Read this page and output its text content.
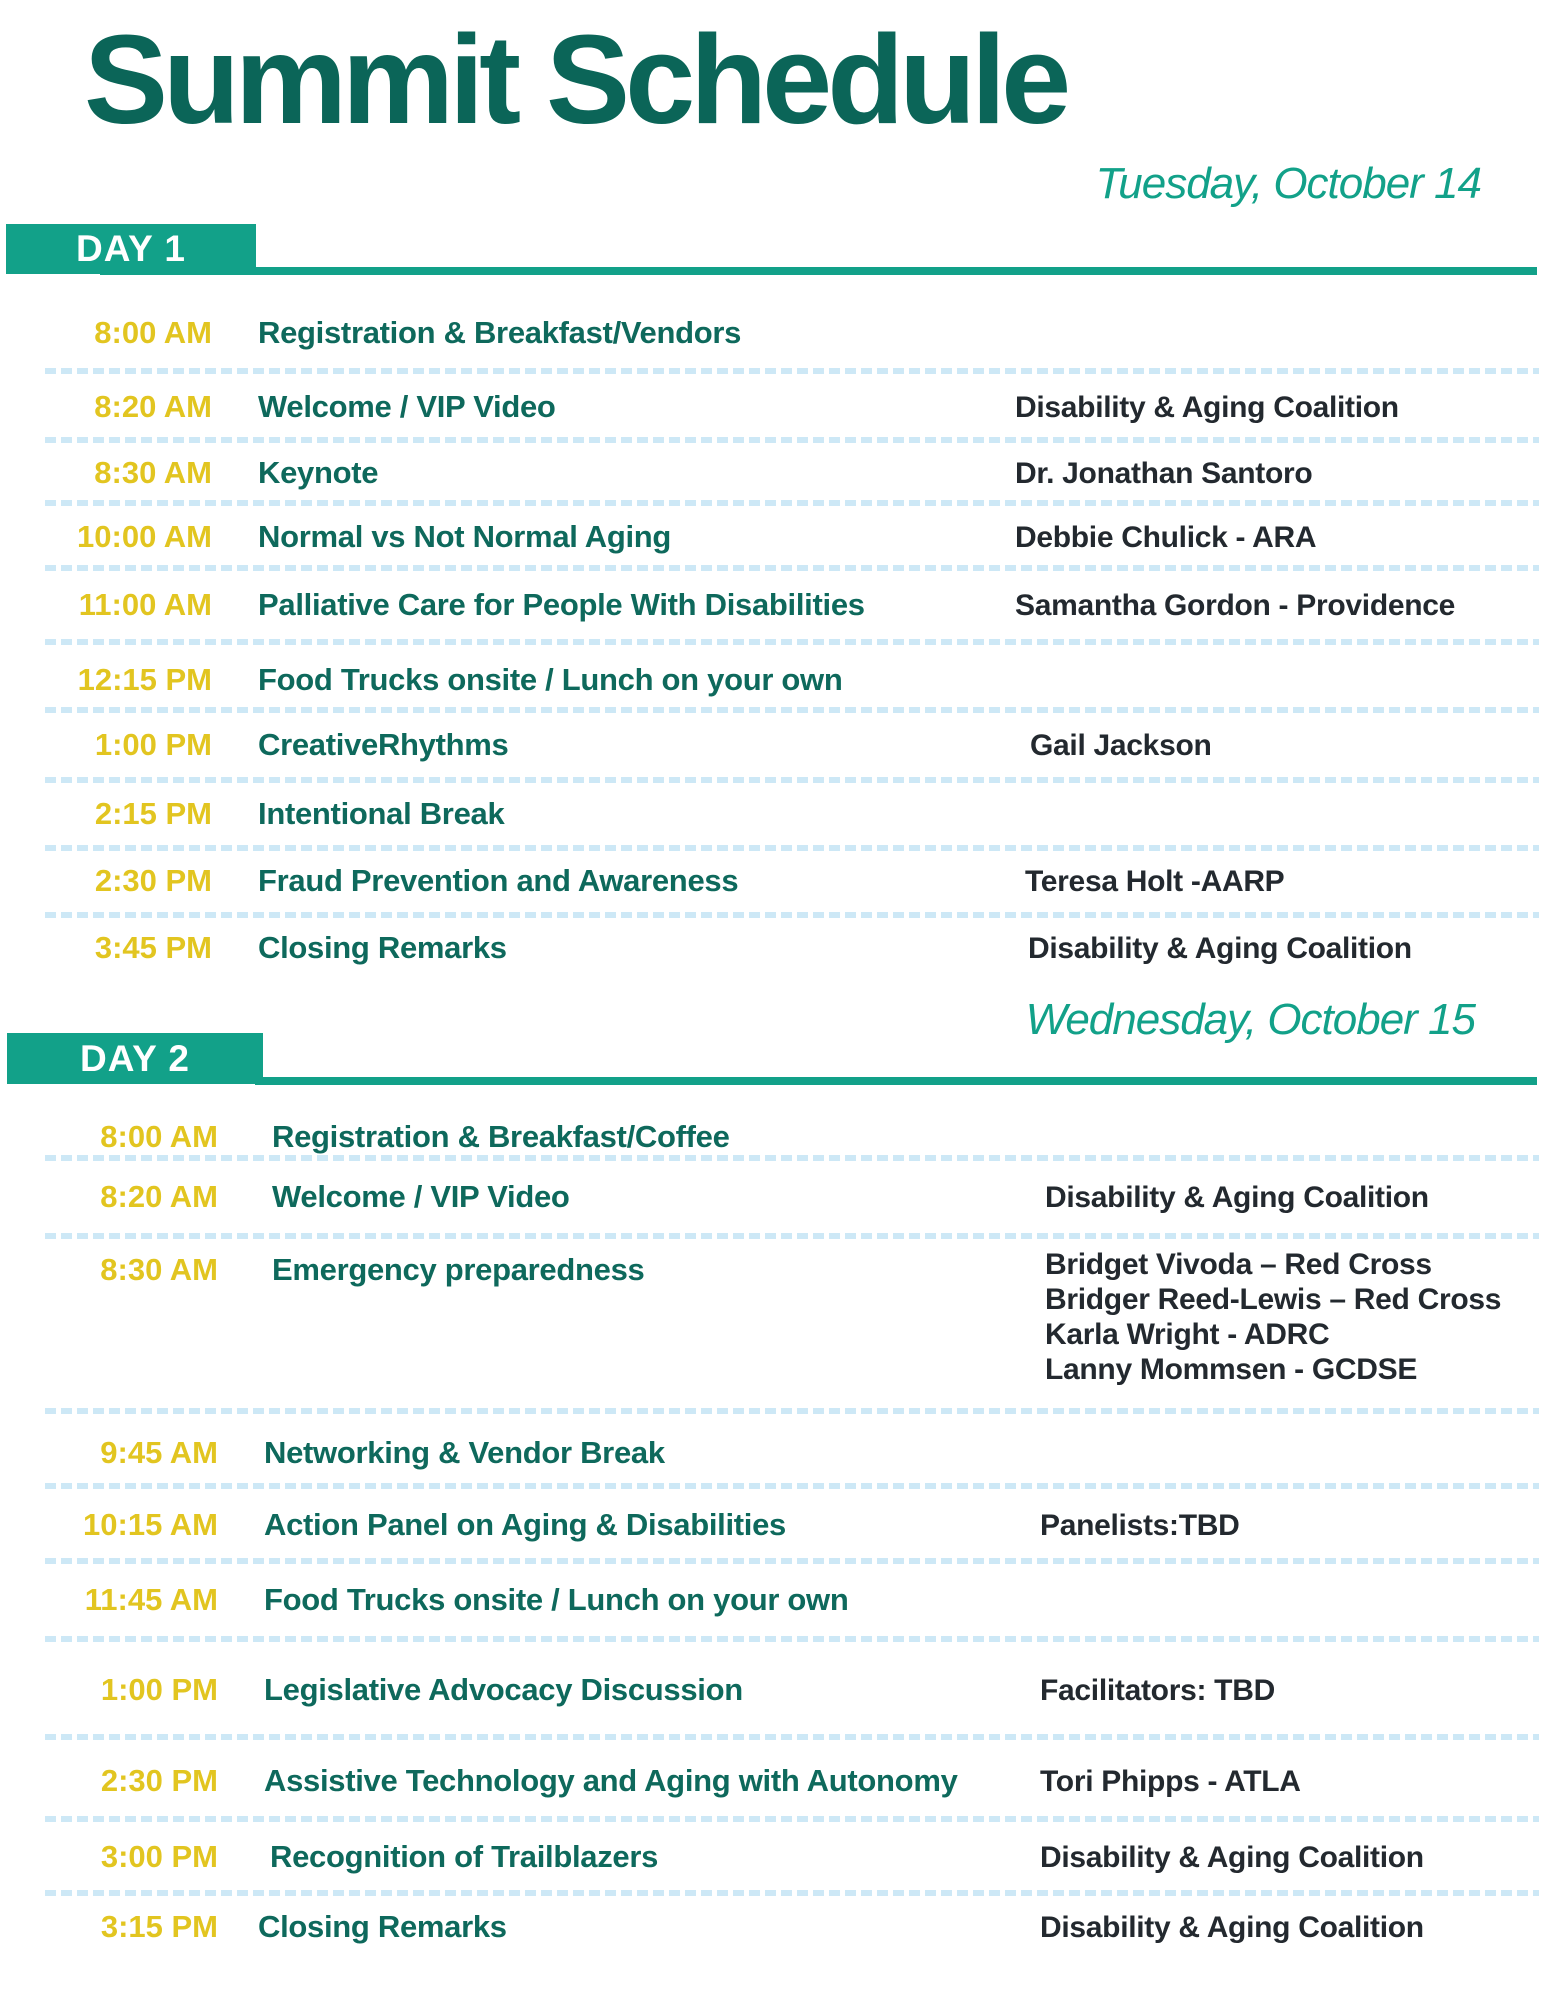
Summit Schedule
Tuesday, October 14
DAY 1
8:00 AM Registration & Breakfast/Vendors
8:20 AM Welcome / VIP Video	Disability & Aging Coalition
8:30 AM Keynote	Dr. Jonathan Santoro
10:00 AM Normal vs Not Normal Aging	Debbie Chulick - ARA
11:00 AM Palliative Care for People With Disabilities	Samantha Gordon - Providence
12:15 PM Food Trucks onsite / Lunch on your own
1:00 PM CreativeRhythms	Gail Jackson
2:15 PM Intentional Break
2:30 PM Fraud Prevention and Awareness	Teresa Holt -AARP
3:45 PM Closing Remarks	Disability & Aging Coalition
Wednesday, October 15
DAY 2
8:00 AM Registration & Breakfast/Coffee
8:20 AM Welcome / VIP Video	Disability & Aging Coalition
8:30 AM Emergency preparedness	Bridget Vivoda – Red Cross
Bridger Reed-Lewis – Red Cross
Karla Wright - ADRC
Lanny Mommsen - GCDSE
9:45 AM Networking & Vendor Break
10:15 AM Action Panel on Aging & Disabilities	Panelists:TBD
11:45 AM Food Trucks onsite / Lunch on your own
1:00 PM Legislative Advocacy Discussion	Facilitators: TBD
2:30 PM Assistive Technology and Aging with Autonomy	Tori Phipps - ATLA
3:00 PM Recognition of Trailblazers	Disability & Aging Coalition
3:15 PM Closing Remarks	Disability & Aging Coalition
